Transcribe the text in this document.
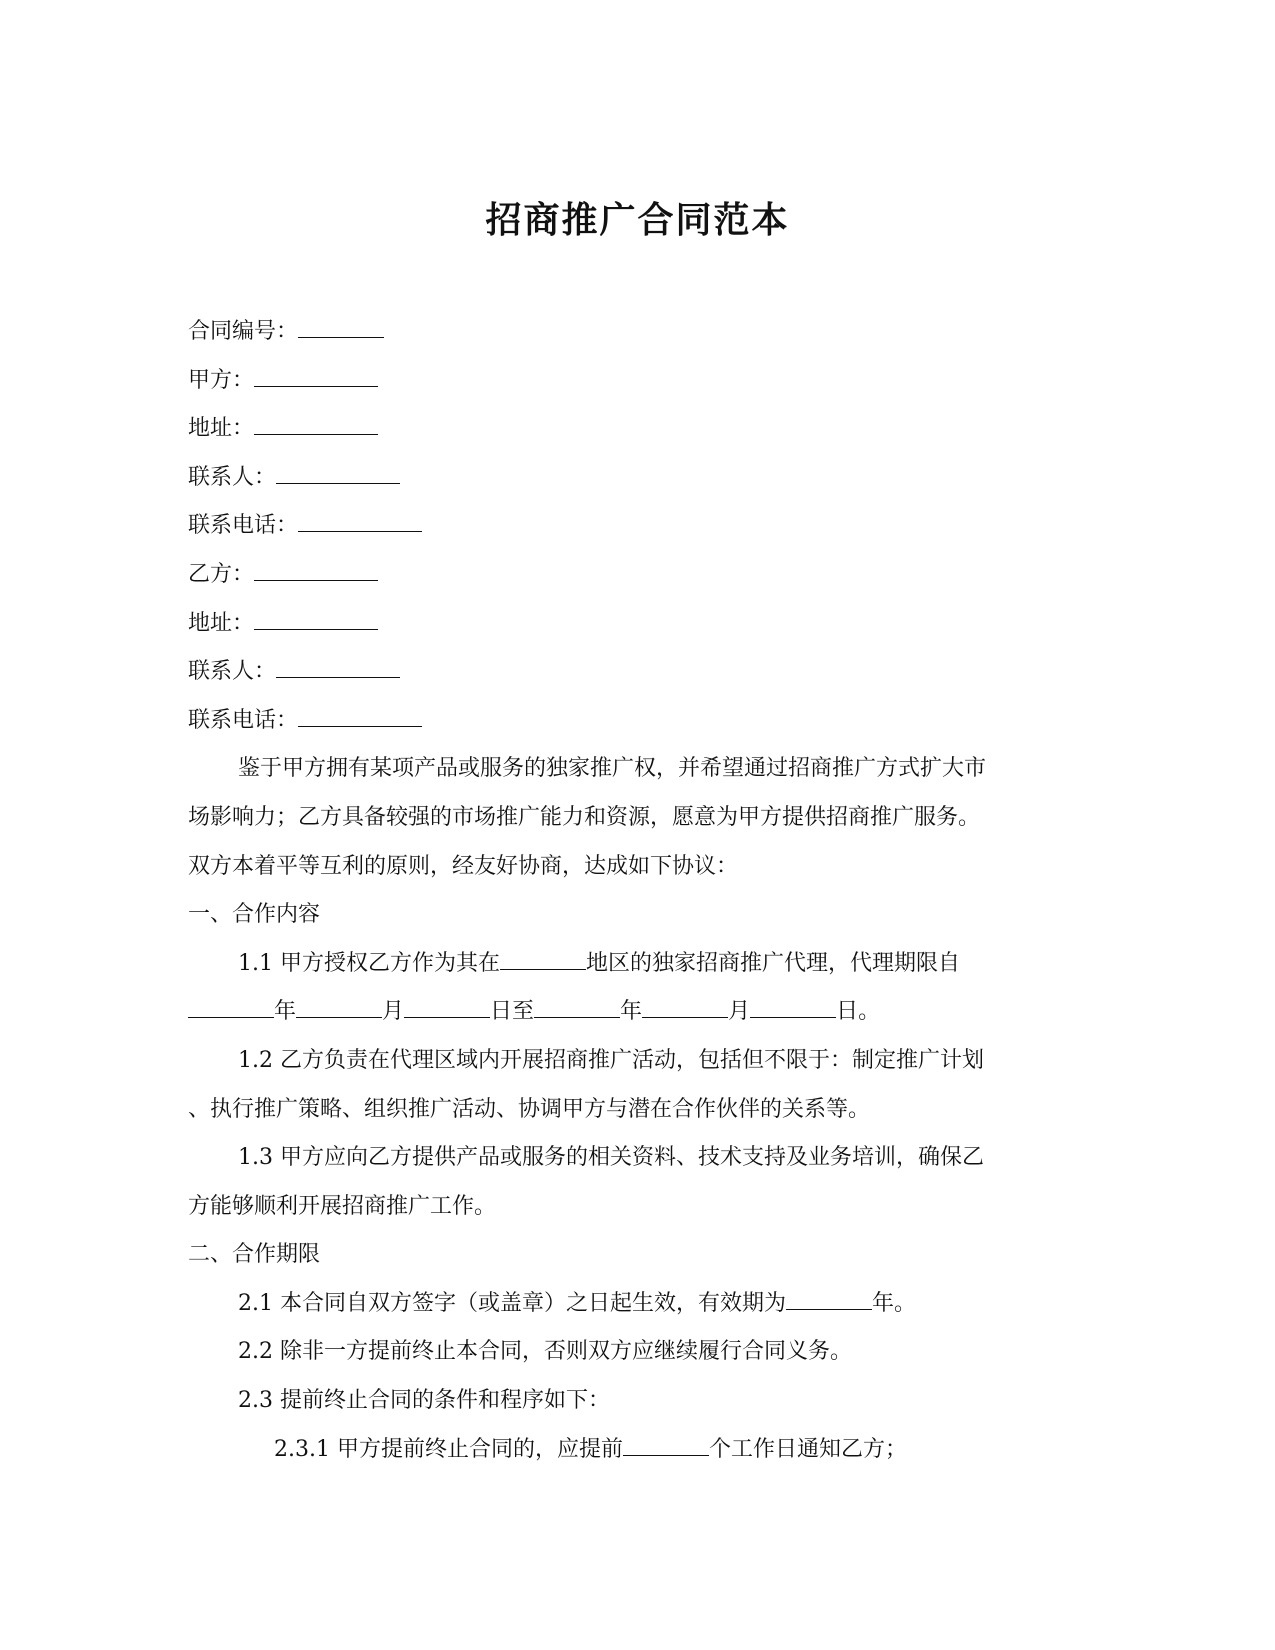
招商推广合同范本
合同编号：
甲方：
地址：
联系人：
联系电话：
乙方：
地址：
联系人：
联系电话：
鉴于甲方拥有某项产品或服务的独家推广权，并希望通过招商推广方式扩大市
场影响力；乙方具备较强的市场推广能力和资源，愿意为甲方提供招商推广服务。
双方本着平等互利的原则，经友好协商，达成如下协议：
一、合作内容
1.1 甲方授权乙方作为其在	地区的独家招商推广代理，代理期限自
年	月	日至	年	月	日。
1.2 乙方负责在代理区域内开展招商推广活动，包括但不限于：制定推广计划
、执行推广策略、组织推广活动、协调甲方与潜在合作伙伴的关系等。
1.3 甲方应向乙方提供产品或服务的相关资料、技术支持及业务培训，确保乙
方能够顺利开展招商推广工作。
二、合作期限
2.1 本合同自双方签字（或盖章）之日起生效，有效期为	年。
2.2 除非一方提前终止本合同，否则双方应继续履行合同义务。
2.3 提前终止合同的条件和程序如下：
2.3.1 甲方提前终止合同的，应提前	个工作日通知乙方；
